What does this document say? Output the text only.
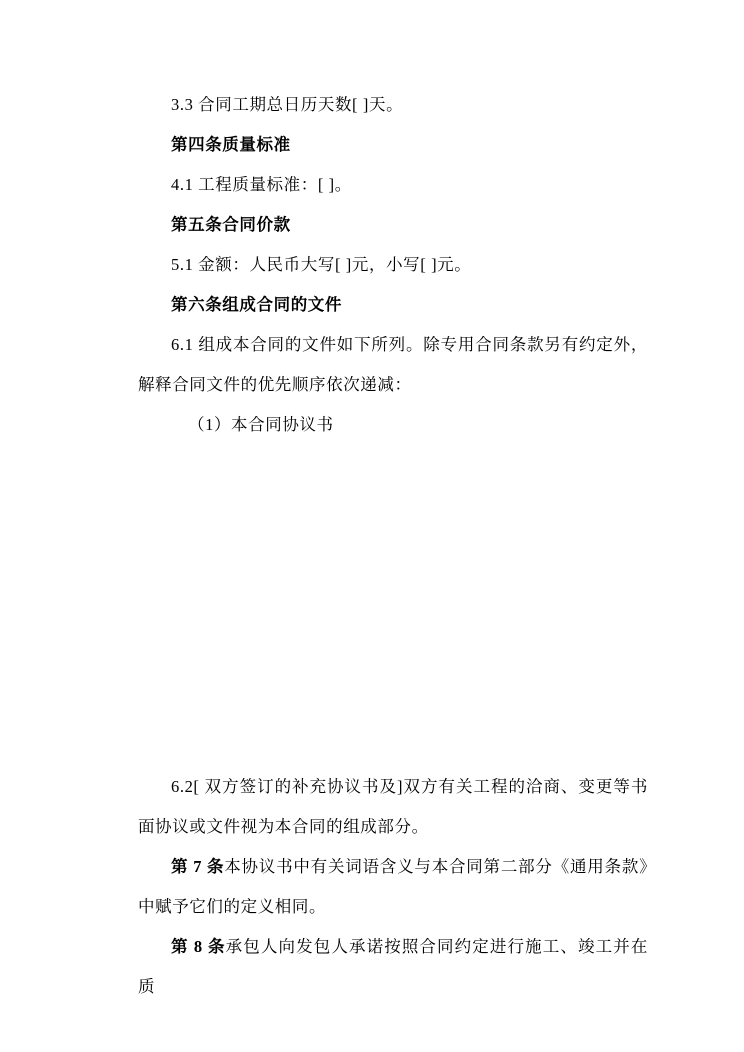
3.3 合同工期总日历天数[ ]天。

第四条质量标准

4.1 工程质量标准：[ ]。

第五条合同价款

5.1 金额：人民币大写[ ]元，小写[ ]元。

第六条组成合同的文件

6.1 组成本合同的文件如下所列。除专用合同条款另有约定外，解释合同文件的优先顺序依次递减：

（1）本合同协议书

6.2[ 双方签订的补充协议书及]双方有关工程的洽商、变更等书面协议或文件视为本合同的组成部分。

第 7 条本协议书中有关词语含义与本合同第二部分《通用条款》中赋予它们的定义相同。

第 8 条承包人向发包人承诺按照合同约定进行施工、竣工并在质
